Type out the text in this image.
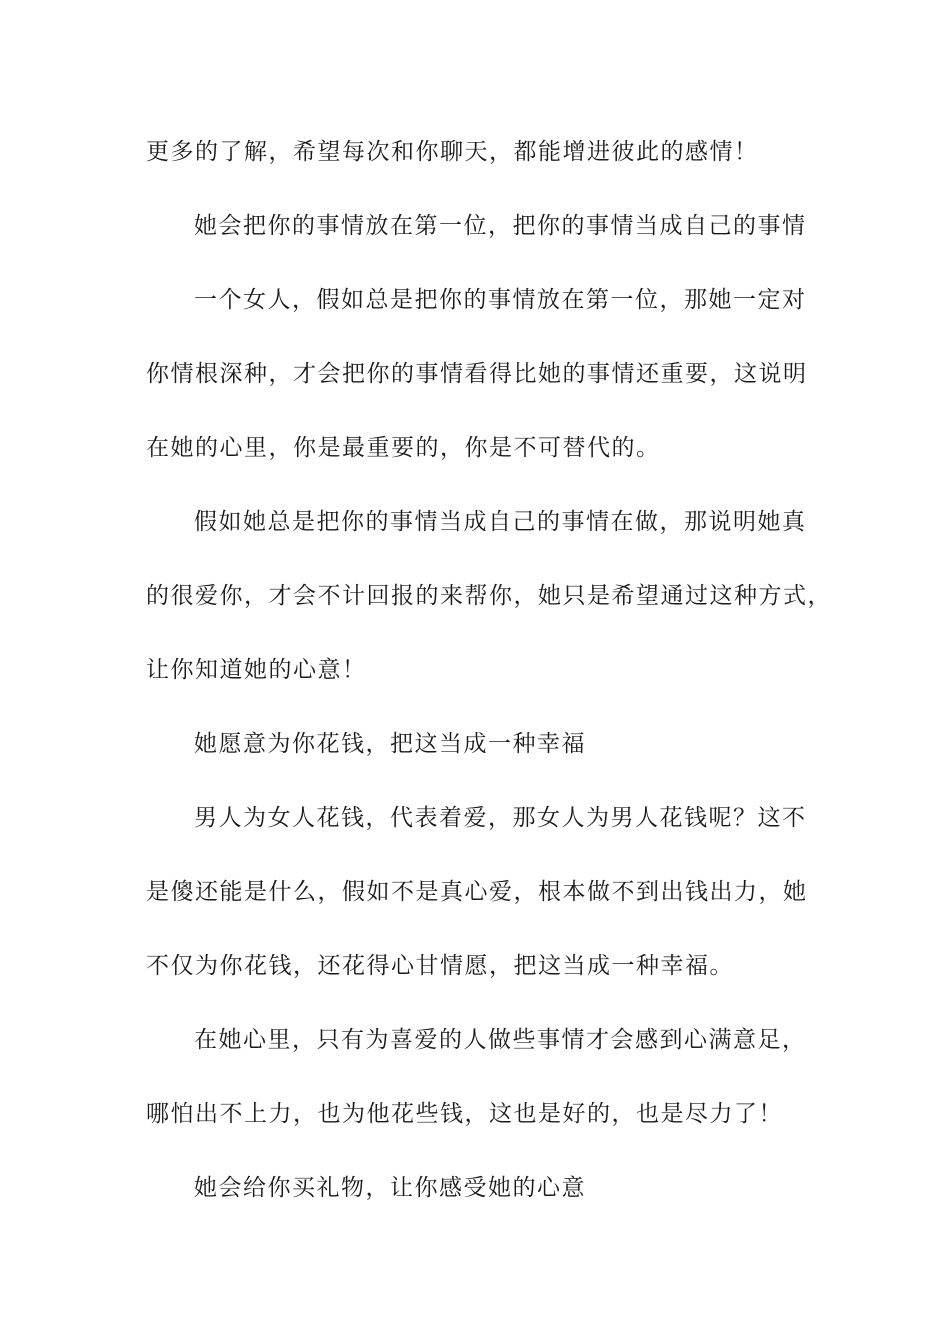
更多的了解，希望每次和你聊天，都能增进彼此的感情！
她会把你的事情放在第一位，把你的事情当成自己的事情
一个女人，假如总是把你的事情放在第一位，那她一定对
你情根深种，才会把你的事情看得比她的事情还重要，这说明
在她的心里，你是最重要的，你是不可替代的。
假如她总是把你的事情当成自己的事情在做，那说明她真
的很爱你，才会不计回报的来帮你，她只是希望通过这种方式，
让你知道她的心意！
她愿意为你花钱，把这当成一种幸福
男人为女人花钱，代表着爱，那女人为男人花钱呢？这不
是傻还能是什么，假如不是真心爱，根本做不到出钱出力，她
不仅为你花钱，还花得心甘情愿，把这当成一种幸福。
在她心里，只有为喜爱的人做些事情才会感到心满意足，
哪怕出不上力，也为他花些钱，这也是好的，也是尽力了！
她会给你买礼物，让你感受她的心意
